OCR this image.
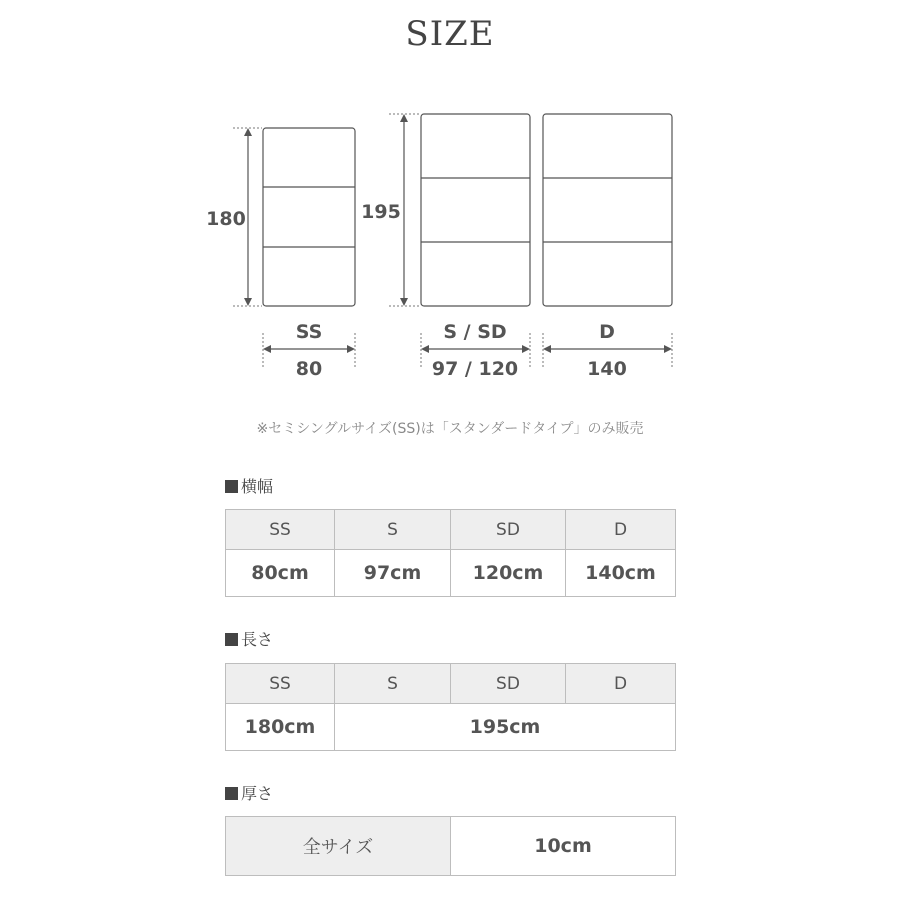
SIZE
180	195
SS	S / SD	D
80	97 / 120	140
※セミシングルサイズ(SS)は「スタンダードタイプ」のみ販売
横幅
SS	S	SD	D
80cm	97cm	120cm	140cm
長さ
SS	S	SD	D
180cm	195cm		
厚さ
全サイズ	10cm
